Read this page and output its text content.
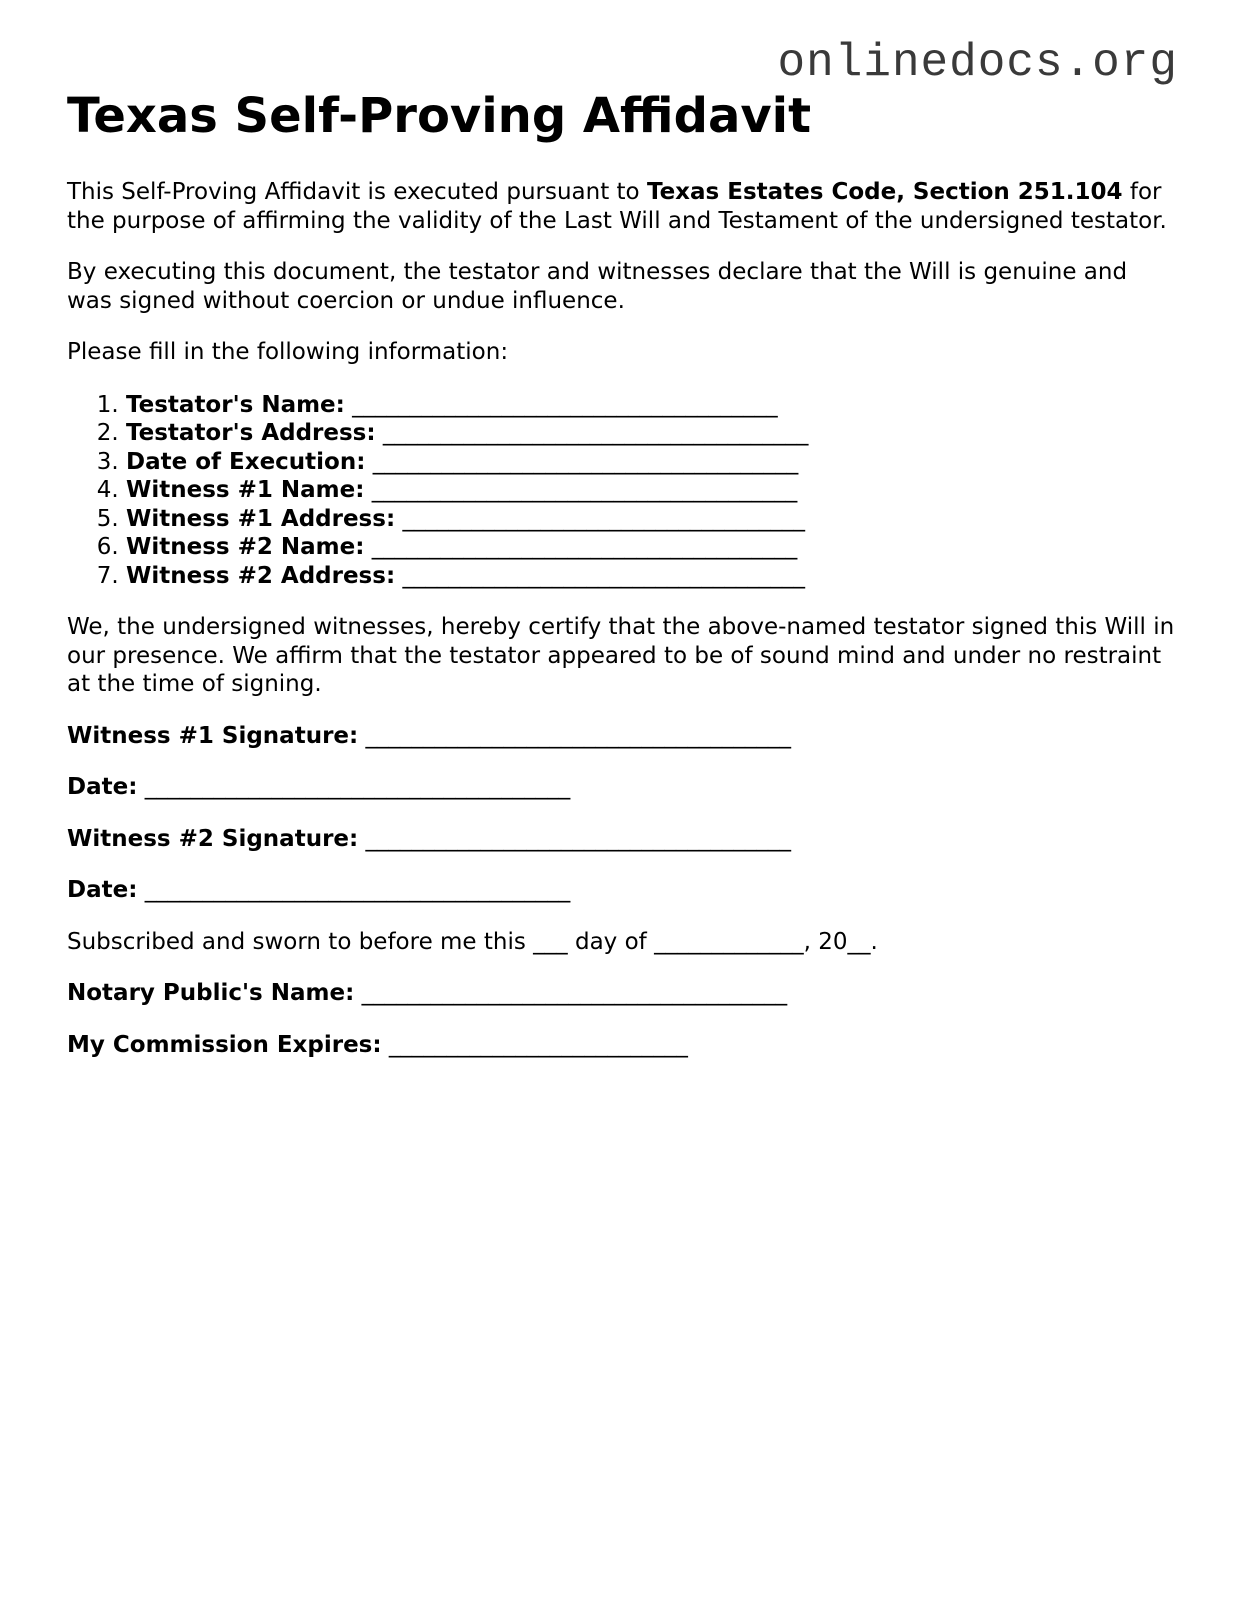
onlinedocs.org
Texas Self-Proving Affidavit

This Self-Proving Affidavit is executed pursuant to Texas Estates Code, Section 251.104 for the purpose of affirming the validity of the Last Will and Testament of the undersigned testator.

By executing this document, the testator and witnesses declare that the Will is genuine and was signed without coercion or undue influence.

Please fill in the following information:

1. Testator's Name: _____________________________________
2. Testator's Address: _____________________________________
3. Date of Execution: _____________________________________
4. Witness #1 Name: _____________________________________
5. Witness #1 Address: ___________________________________
6. Witness #2 Name: _____________________________________
7. Witness #2 Address: ___________________________________

We, the undersigned witnesses, hereby certify that the above-named testator signed this Will in our presence. We affirm that the testator appeared to be of sound mind and under no restraint at the time of signing.

Witness #1 Signature: _____________________________________

Date: _____________________________________

Witness #2 Signature: _____________________________________

Date: _____________________________________

Subscribed and sworn to before me this ___ day of _____________, 20__.

Notary Public's Name: _____________________________________

My Commission Expires: __________________________
